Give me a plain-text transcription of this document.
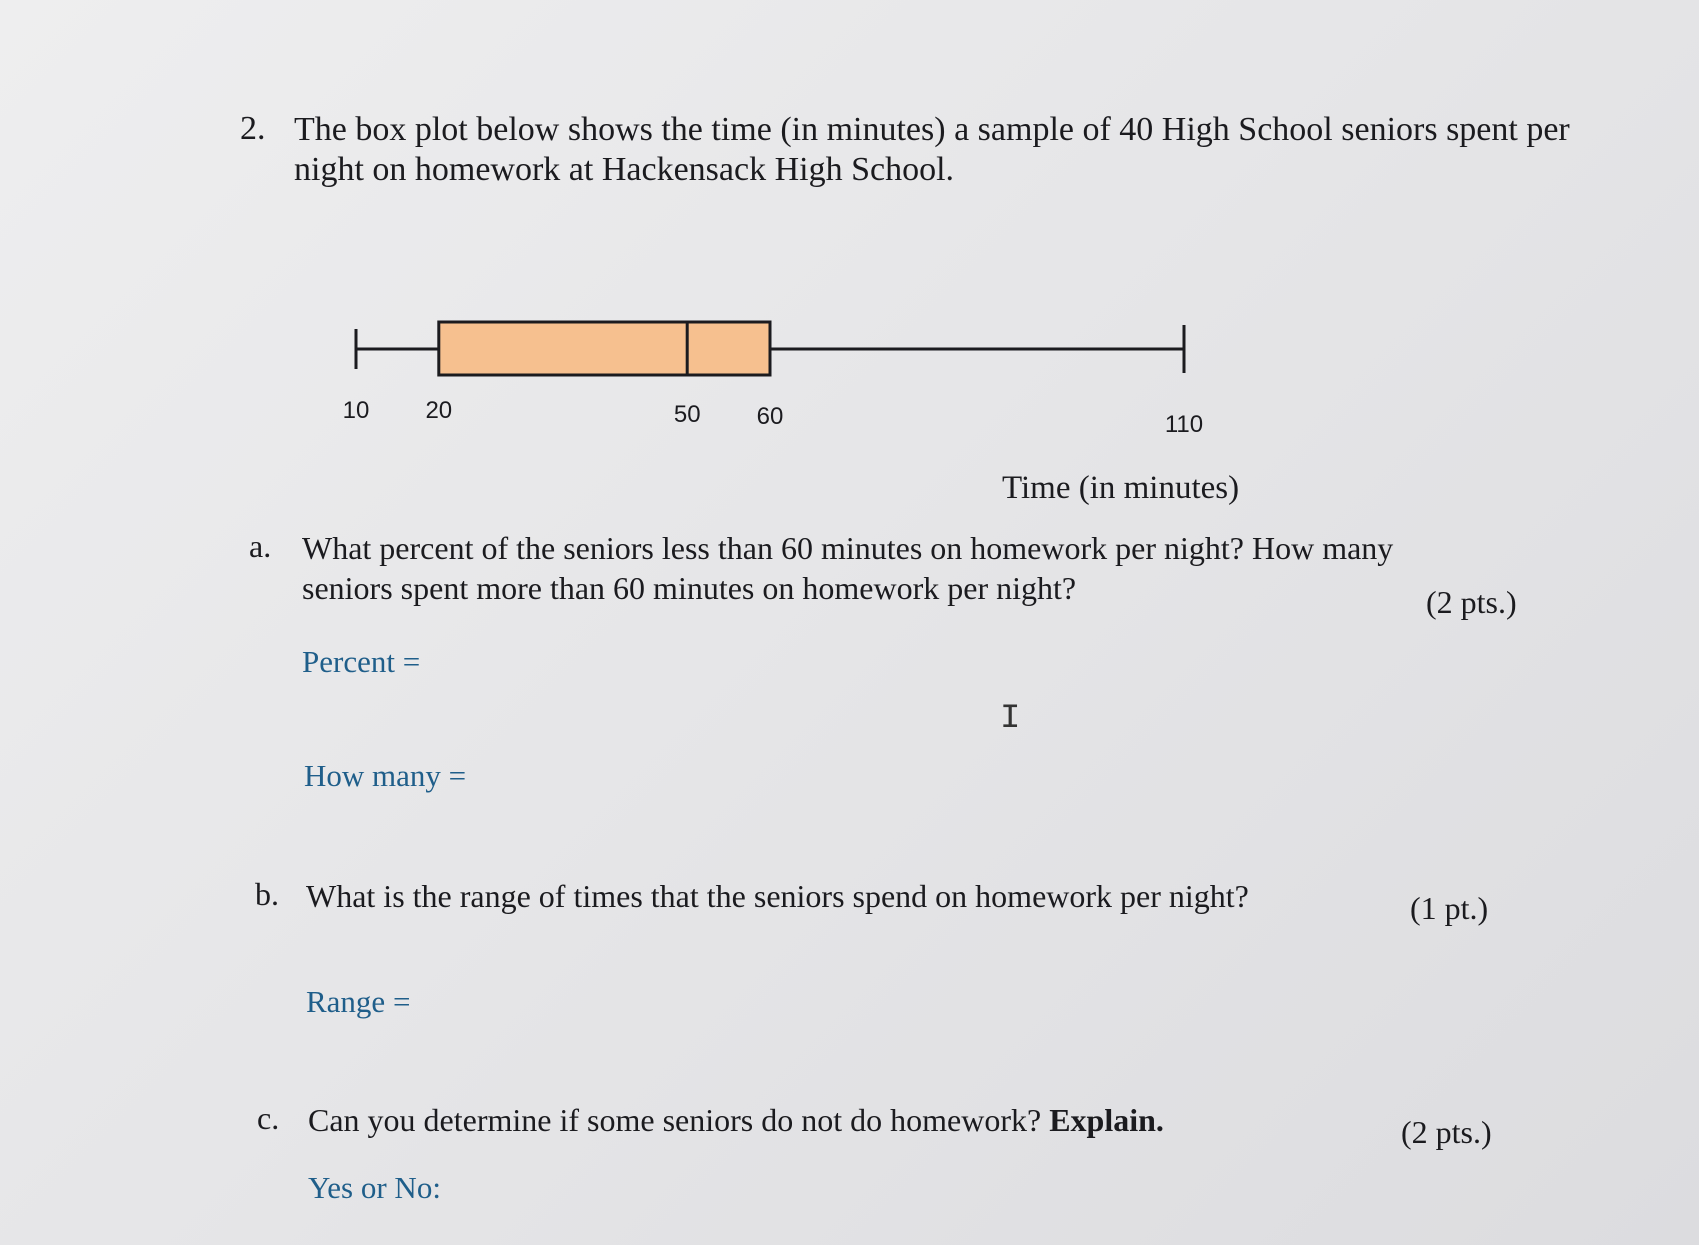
2. The box plot below shows the time (in minutes) a sample of 40 High School seniors spent per night on homework at Hackensack High School.
10 20	50 60	110
Time (in minutes)
a. What percent of the seniors less than 60 minutes on homework per night? How many seniors spent more than 60 minutes on homework per night?	(2 pts.)
Percent =
I
How many =
b. What is the range of times that the seniors spend on homework per night?	(1 pt.)
Range =
c. Can you determine if some seniors do not do homework? Explain.	(2 pts.)
Yes or No:
